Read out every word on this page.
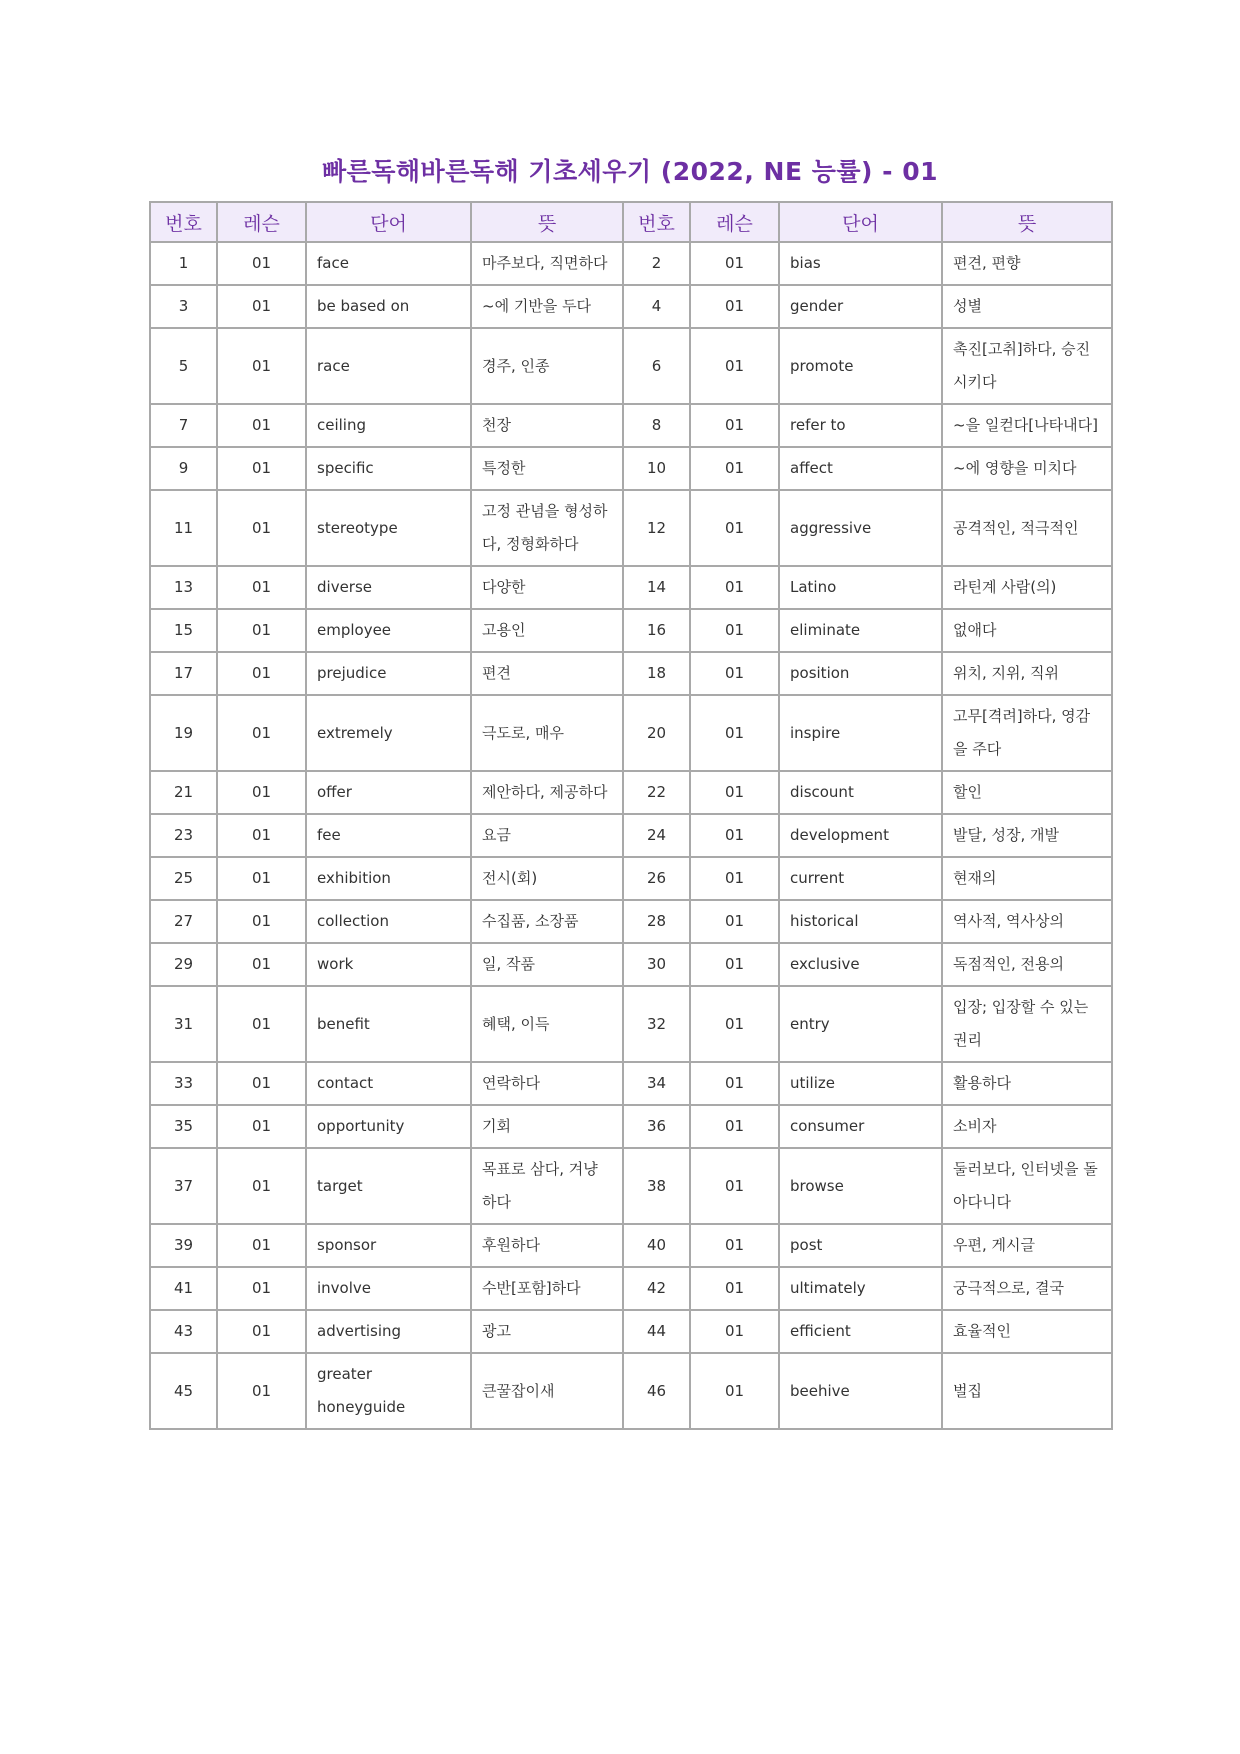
빠른독해바른독해 기초세우기 (2022, NE 능률) - 01
번호	레슨	단어	뜻	번호	레슨	단어	뜻
1	01	face	마주보다, 직면하다	2	01	bias	편견, 편향
3	01	be based on	~에 기반을 두다	4	01	gender	성별
5	01	race	경주, 인종	6	01	promote	촉진[고취]하다, 승진시키다
7	01	ceiling	천장	8	01	refer to	~을 일컫다[나타내다]
9	01	specific	특정한	10	01	affect	~에 영향을 미치다
11	01	stereotype	고정 관념을 형성하다, 정형화하다	12	01	aggressive	공격적인, 적극적인
13	01	diverse	다양한	14	01	Latino	라틴계 사람(의)
15	01	employee	고용인	16	01	eliminate	없애다
17	01	prejudice	편견	18	01	position	위치, 지위, 직위
19	01	extremely	극도로, 매우	20	01	inspire	고무[격려]하다, 영감을 주다
21	01	offer	제안하다, 제공하다	22	01	discount	할인
23	01	fee	요금	24	01	development	발달, 성장, 개발
25	01	exhibition	전시(회)	26	01	current	현재의
27	01	collection	수집품, 소장품	28	01	historical	역사적, 역사상의
29	01	work	일, 작품	30	01	exclusive	독점적인, 전용의
31	01	benefit	혜택, 이득	32	01	entry	입장; 입장할 수 있는 권리
33	01	contact	연락하다	34	01	utilize	활용하다
35	01	opportunity	기회	36	01	consumer	소비자
37	01	target	목표로 삼다, 겨냥하다	38	01	browse	둘러보다, 인터넷을 돌아다니다
39	01	sponsor	후원하다	40	01	post	우편, 게시글
41	01	involve	수반[포함]하다	42	01	ultimately	궁극적으로, 결국
43	01	advertising	광고	44	01	efficient	효율적인
45	01	greater honeyguide	큰꿀잡이새	46	01	beehive	벌집
